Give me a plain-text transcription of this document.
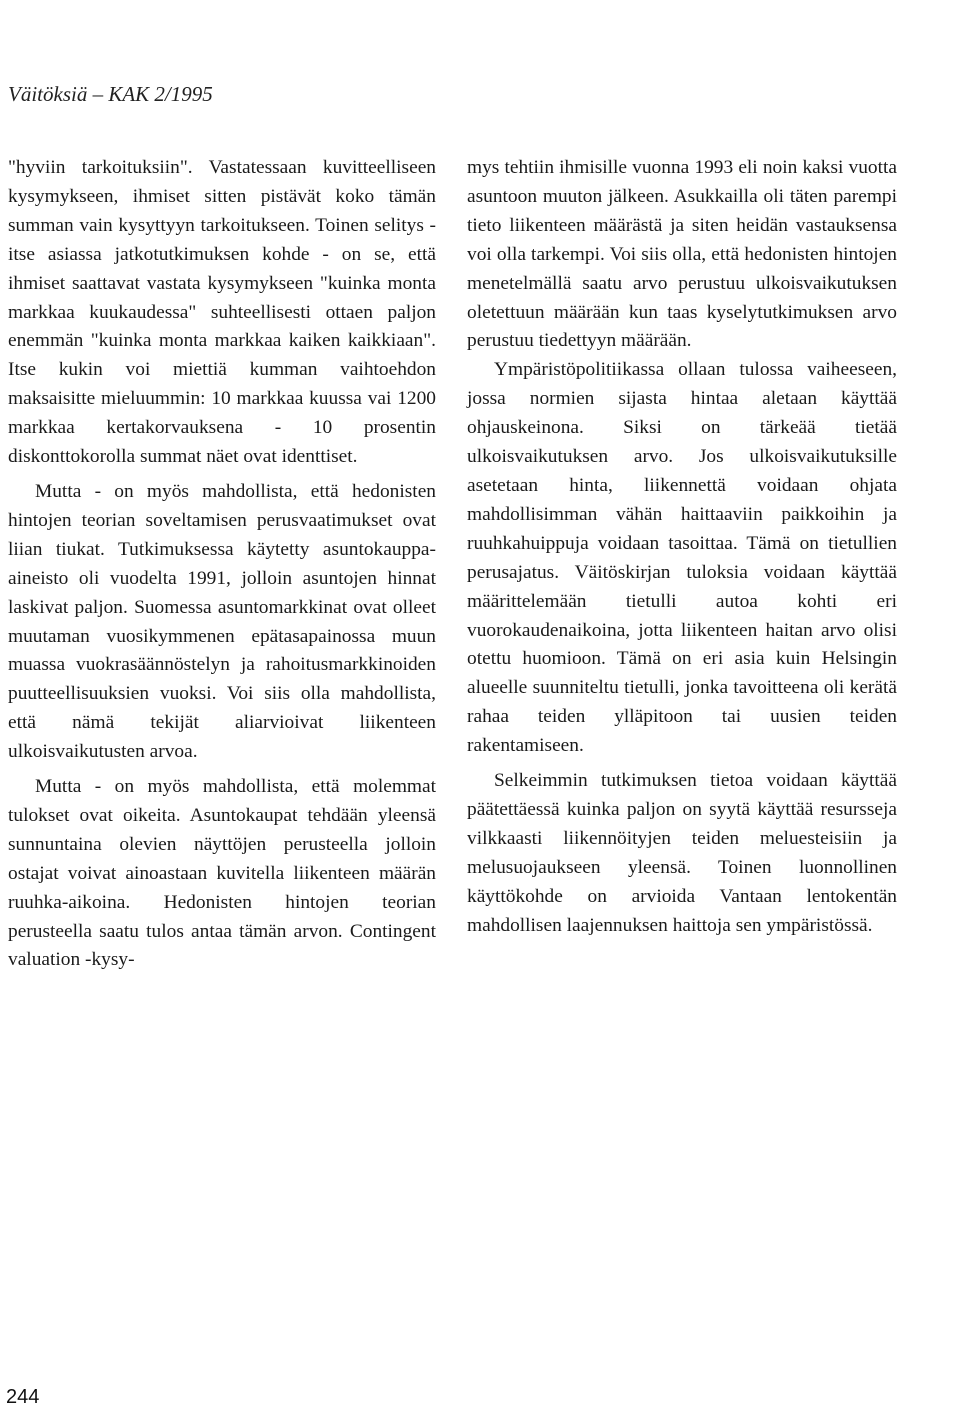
Väitöksiä – KAK 2/1995

"hyviin tarkoituksiin". Vastatessaan kuvitteelliseen kysymykseen, ihmiset sitten pistävät koko tämän summan vain kysyttyyn tarkoitukseen. Toinen selitys - itse asiassa jatkotutkimuksen kohde - on se, että ihmiset saattavat vastata kysymykseen "kuinka monta markkaa kuukaudessa" suhteellisesti ottaen paljon enemmän "kuinka monta markkaa kaiken kaikkiaan". Itse kukin voi miettiä kumman vaihtoehdon maksaisitte mieluummin: 10 markkaa kuussa vai 1200 markkaa kertakorvauksena - 10 prosentin diskonttokorolla summat näet ovat identtiset.

Mutta - on myös mahdollista, että hedonisten hintojen teorian soveltamisen perusvaatimukset ovat liian tiukat. Tutkimuksessa käytetty asuntokauppa-aineisto oli vuodelta 1991, jolloin asuntojen hinnat laskivat paljon. Suomessa asuntomarkkinat ovat olleet muutaman vuosikymmenen epätasapainossa muun muassa vuokrasäännöstelyn ja rahoitusmarkkinoiden puutteellisuuksien vuoksi. Voi siis olla mahdollista, että nämä tekijät aliarvioivat liikenteen ulkoisvaikutusten arvoa.

Mutta - on myös mahdollista, että molemmat tulokset ovat oikeita. Asuntokaupat tehdään yleensä sunnuntaina olevien näyttöjen perusteella jolloin ostajat voivat ainoastaan kuvitella liikenteen määrän ruuhka-aikoina. Hedonisten hintojen teorian perusteella saatu tulos antaa tämän arvon. Contingent valuation -kysy-

mys tehtiin ihmisille vuonna 1993 eli noin kaksi vuotta asuntoon muuton jälkeen. Asukkailla oli täten parempi tieto liikenteen määrästä ja siten heidän vastauksensa voi olla tarkempi. Voi siis olla, että hedonisten hintojen menetelmällä saatu arvo perustuu ulkoisvaikutuksen oletettuun määrään kun taas kyselytutkimuksen arvo perustuu tiedettyyn määrään.

Ympäristöpolitiikassa ollaan tulossa vaiheeseen, jossa normien sijasta hintaa aletaan käyttää ohjauskeinona. Siksi on tärkeää tietää ulkoisvaikutuksen arvo. Jos ulkoisvaikutuksille asetetaan hinta, liikennettä voidaan ohjata mahdollisimman vähän haittaaviin paikkoihin ja ruuhkahuippuja voidaan tasoittaa. Tämä on tietullien perusajatus. Väitöskirjan tuloksia voidaan käyttää määrittelemään tietulli autoa kohti eri vuorokaudenaikoina, jotta liikenteen haitan arvo olisi otettu huomioon. Tämä on eri asia kuin Helsingin alueelle suunniteltu tietulli, jonka tavoitteena oli kerätä rahaa teiden ylläpitoon tai uusien teiden rakentamiseen.

Selkeimmin tutkimuksen tietoa voidaan käyttää päätettäessä kuinka paljon on syytä käyttää resursseja vilkkaasti liikennöityjen teiden meluesteisiin ja melusuojaukseen yleensä. Toinen luonnollinen käyttökohde on arvioida Vantaan lentokentän mahdollisen laajennuksen haittoja sen ympäristössä.

244
